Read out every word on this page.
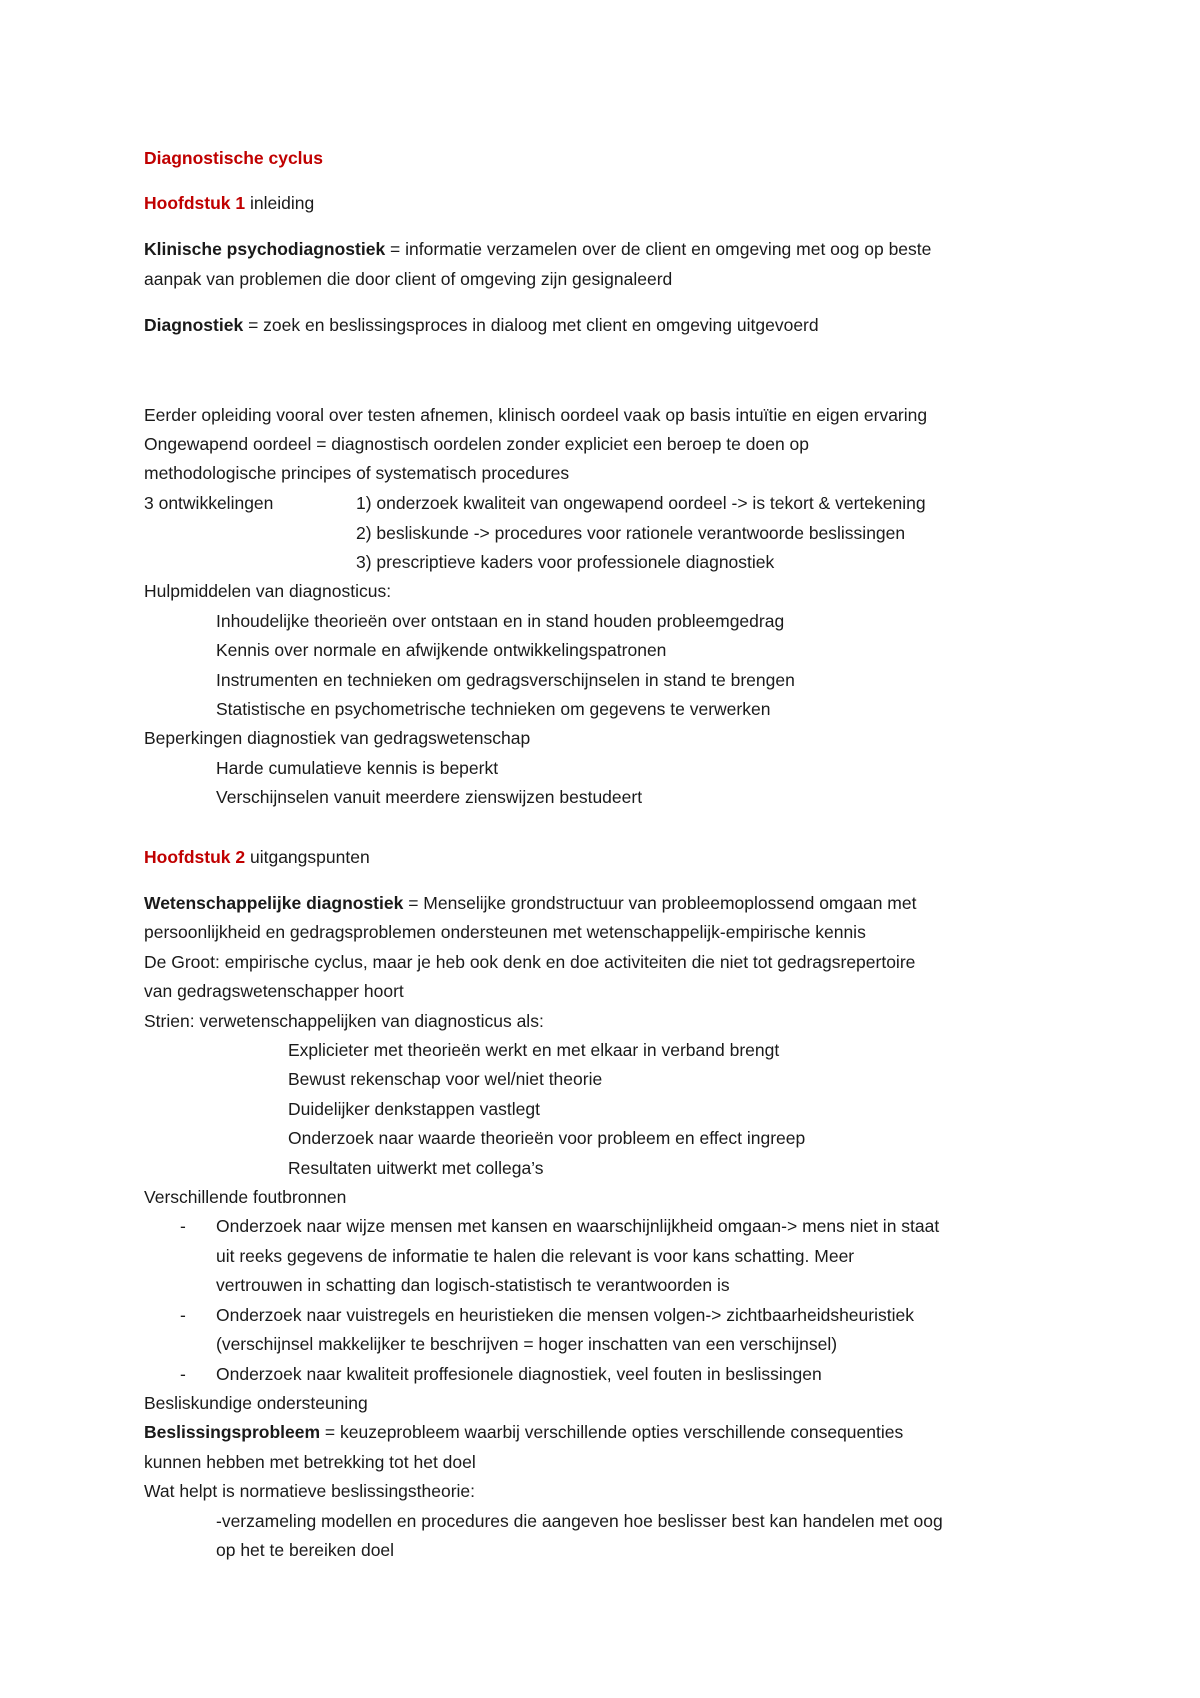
Diagnostische cyclus
Hoofdstuk 1 inleiding
Klinische psychodiagnostiek = informatie verzamelen over de client en omgeving met oog op beste
aanpak van problemen die door client of omgeving zijn gesignaleerd
Diagnostiek = zoek en beslissingsproces in dialoog met client en omgeving uitgevoerd
Eerder opleiding vooral over testen afnemen, klinisch oordeel vaak op basis intuïtie en eigen ervaring
Ongewapend oordeel = diagnostisch oordelen zonder expliciet een beroep te doen op
methodologische principes of systematisch procedures
3 ontwikkelingen	1) onderzoek kwaliteit van ongewapend oordeel -> is tekort & vertekening
2) besliskunde -> procedures voor rationele verantwoorde beslissingen
3) prescriptieve kaders voor professionele diagnostiek
Hulpmiddelen van diagnosticus:
Inhoudelijke theorieën over ontstaan en in stand houden probleemgedrag
Kennis over normale en afwijkende ontwikkelingspatronen
Instrumenten en technieken om gedragsverschijnselen in stand te brengen
Statistische en psychometrische technieken om gegevens te verwerken
Beperkingen diagnostiek van gedragswetenschap
Harde cumulatieve kennis is beperkt
Verschijnselen vanuit meerdere zienswijzen bestudeert
Hoofdstuk 2 uitgangspunten
Wetenschappelijke diagnostiek = Menselijke grondstructuur van probleemoplossend omgaan met
persoonlijkheid en gedragsproblemen ondersteunen met wetenschappelijk-empirische kennis
De Groot: empirische cyclus, maar je heb ook denk en doe activiteiten die niet tot gedragsrepertoire
van gedragswetenschapper hoort
Strien: verwetenschappelijken van diagnosticus als:
Explicieter met theorieën werkt en met elkaar in verband brengt
Bewust rekenschap voor wel/niet theorie
Duidelijker denkstappen vastlegt
Onderzoek naar waarde theorieën voor probleem en effect ingreep
Resultaten uitwerkt met collega’s
Verschillende foutbronnen
- Onderzoek naar wijze mensen met kansen en waarschijnlijkheid omgaan-> mens niet in staat
uit reeks gegevens de informatie te halen die relevant is voor kans schatting. Meer
vertrouwen in schatting dan logisch-statistisch te verantwoorden is
- Onderzoek naar vuistregels en heuristieken die mensen volgen-> zichtbaarheidsheuristiek
(verschijnsel makkelijker te beschrijven = hoger inschatten van een verschijnsel)
- Onderzoek naar kwaliteit proffesionele diagnostiek, veel fouten in beslissingen
Besliskundige ondersteuning
Beslissingsprobleem = keuzeprobleem waarbij verschillende opties verschillende consequenties
kunnen hebben met betrekking tot het doel
Wat helpt is normatieve beslissingstheorie:
-verzameling modellen en procedures die aangeven hoe beslisser best kan handelen met oog
op het te bereiken doel
